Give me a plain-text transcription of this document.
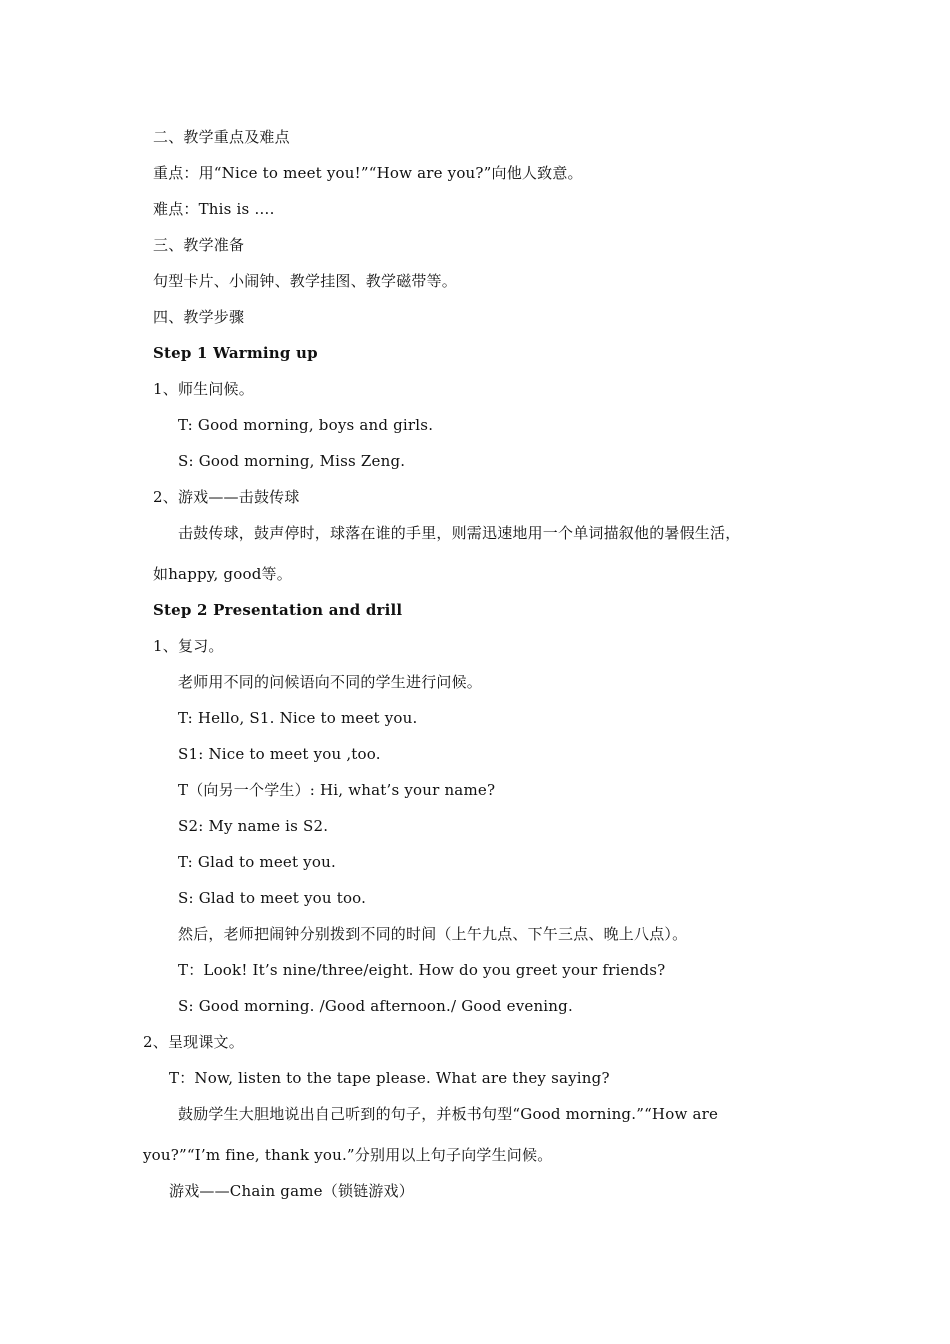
二、教学重点及难点
重点：用“Nice to meet you!”“How are you?”向他人致意。
难点：This is ….
三、教学准备
句型卡片、小闹钟、教学挂图、教学磁带等。
四、教学步骤
Step 1 Warming up
1、师生问候。
T: Good morning, boys and girls.
S: Good morning, Miss Zeng.
2、游戏——击鼓传球
击鼓传球，鼓声停时，球落在谁的手里，则需迅速地用一个单词描叙他的暑假生活，
如happy, good等。
Step 2 Presentation and drill
1、复习。
老师用不同的问候语向不同的学生进行问候。
T: Hello, S1. Nice to meet you.
S1: Nice to meet you ,too.
T（向另一个学生）: Hi, what’s your name?
S2: My name is S2.
T: Glad to meet you.
S: Glad to meet you too.
然后，老师把闹钟分别拨到不同的时间（上午九点、下午三点、晚上八点）。
T：Look! It’s nine/three/eight. How do you greet your friends?
S: Good morning. /Good afternoon./ Good evening.
2、呈现课文。
T：Now, listen to the tape please. What are they saying?
鼓励学生大胆地说出自己听到的句子，并板书句型“Good morning.”“How are
you?”“I’m fine, thank you.”分别用以上句子向学生问候。
游戏——Chain game（锁链游戏）
